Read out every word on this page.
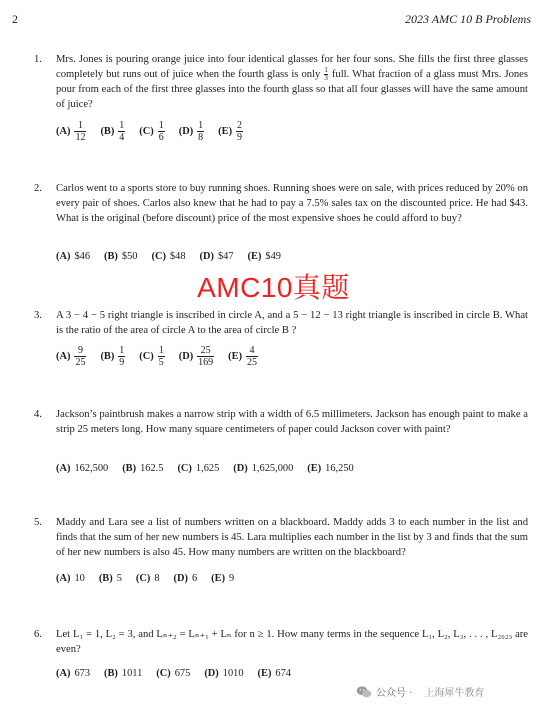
2	2023 AMC 10 B Problems
1. Mrs. Jones is pouring orange juice into four identical glasses for her four sons. She fills the first three glasses completely but runs out of juice when the fourth glass is only $\frac{1}{3}$ full. What fraction of a glass must Mrs. Jones pour from each of the first three glasses into the fourth glass so that all four glasses will have the same amount of juice?
$(A) \frac{1}{12} (B) \frac{1}{4} (C) \frac{1}{6} (D) \frac{1}{8} (E) \frac{2}{9}$
2. Carlos went to a sports store to buy running shoes. Running shoes were on sale, with prices reduced by 20% on every pair of shoes. Carlos also knew that he had to pay a 7.5% sales tax on the discounted price. He had $43. What is the original (before discount) price of the most expensive shoes he could afford to buy?
(A) $46 (B) $50 (C) $48 (D) $47 (E) $49
AMC10真题
3. A 3 − 4 − 5 right triangle is inscribed in circle A, and a 5 − 12 − 13 right triangle is inscribed in circle B. What is the ratio of the area of circle A to the area of circle B ?
$(A) \frac{9}{25} (B) \frac{1}{9} (C) \frac{1}{5} (D) \frac{25}{169} (E) \frac{4}{25}$
4. Jackson’s paintbrush makes a narrow strip with a width of 6.5 millimeters. Jackson has enough paint to make a strip 25 meters long. How many square centimeters of paper could Jackson cover with paint?
(A) 162,500 (B) 162.5 (C) 1,625 (D) 1,625,000 (E) 16,250
5. Maddy and Lara see a list of numbers written on a blackboard. Maddy adds 3 to each number in the list and finds that the sum of her new numbers is 45. Lara multiplies each number in the list by 3 and finds that the sum of her new numbers is also 45. How many numbers are written on the blackboard?
(A) 10 (B) 5 (C) 8 (D) 6 (E) 9
6. Let L₁ = 1, L₂ = 3, and Lₙ₊₂ = Lₙ₊₁ + Lₙ for n ≥ 1. How many terms in the sequence L₁, L₂, L₃, . . . , L₂₀₂₃ are even?
(A) 673 (B) 1011 (C) 675 (D) 1010 (E) 674
公众号 · 上海犀牛教育
